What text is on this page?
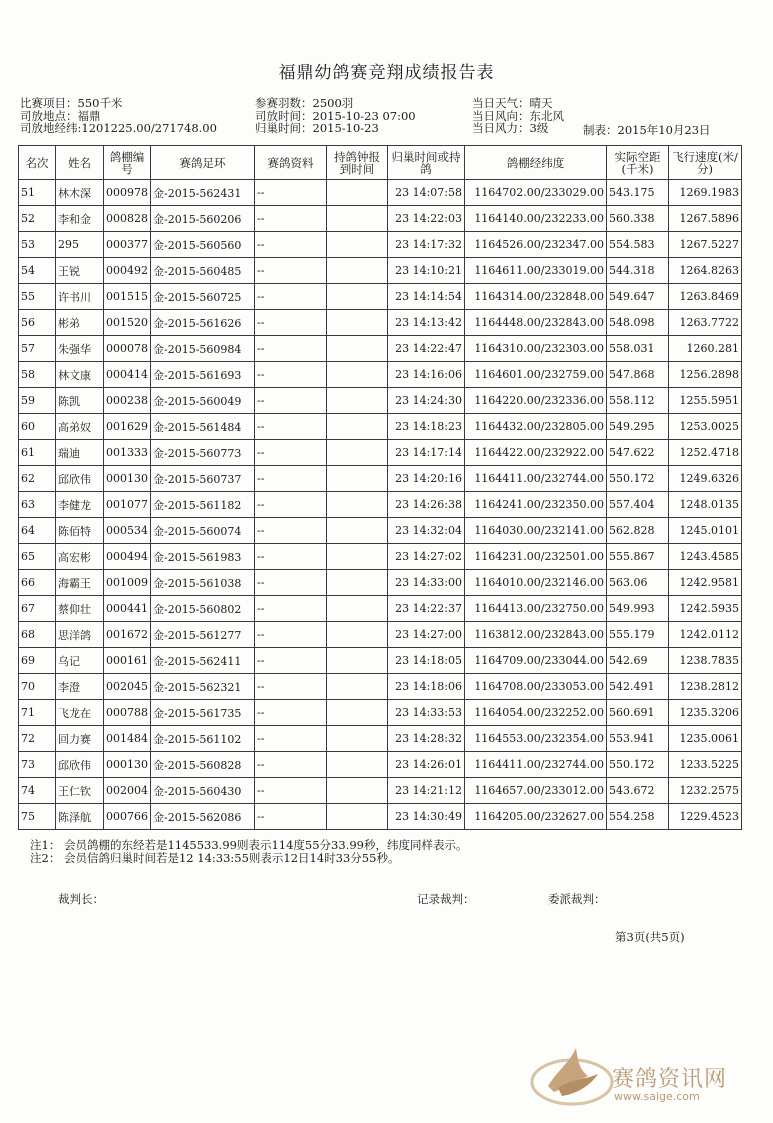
福鼎幼鸽赛竞翔成绩报告表
比赛项目：550千米
司放地点：福鼎
司放地经纬:1201225.00/271748.00
参赛羽数：2500羽
司放时间：2015-10-23 07:00
归巢时间：2015-10-23
当日天气：晴天
当日风向：东北风
当日风力：3级	制表：2015年10月23日
名次	姓名	鸽棚编号	赛鸽足环	赛鸽资料	持鸽钟报到时间	归巢时间或持鸽	鸽棚经纬度	实际空距(千米)	飞行速度(米/分)
51	林木深	000978	金-2015-562431	--		23 14:07:58	1164702.00/233029.00	543.175	1269.1983
52	李和金	000828	金-2015-560206	--		23 14:22:03	1164140.00/232233.00	560.338	1267.5896
53	295	000377	金-2015-560560	--		23 14:17:32	1164526.00/232347.00	554.583	1267.5227
54	王锐	000492	金-2015-560485	--		23 14:10:21	1164611.00/233019.00	544.318	1264.8263
55	许书川	001515	金-2015-560725	--		23 14:14:54	1164314.00/232848.00	549.647	1263.8469
56	彬弟	001520	金-2015-561626	--		23 14:13:42	1164448.00/232843.00	548.098	1263.7722
57	朱强华	000078	金-2015-560984	--		23 14:22:47	1164310.00/232303.00	558.031	1260.281
58	林文康	000414	金-2015-561693	--		23 14:16:06	1164601.00/232759.00	547.868	1256.2898
59	陈凯	000238	金-2015-560049	--		23 14:24:30	1164220.00/232336.00	558.112	1255.5951
60	高弟奴	001629	金-2015-561484	--		23 14:18:23	1164432.00/232805.00	549.295	1253.0025
61	瑞迪	001333	金-2015-560773	--		23 14:17:14	1164422.00/232922.00	547.622	1252.4718
62	邱欣伟	000130	金-2015-560737	--		23 14:20:16	1164411.00/232744.00	550.172	1249.6326
63	李健龙	001077	金-2015-561182	--		23 14:26:38	1164241.00/232350.00	557.404	1248.0135
64	陈佰特	000534	金-2015-560074	--		23 14:32:04	1164030.00/232141.00	562.828	1245.0101
65	高宏彬	000494	金-2015-561983	--		23 14:27:02	1164231.00/232501.00	555.867	1243.4585
66	海霸王	001009	金-2015-561038	--		23 14:33:00	1164010.00/232146.00	563.06	1242.9581
67	蔡仰壮	000441	金-2015-560802	--		23 14:22:37	1164413.00/232750.00	549.993	1242.5935
68	思洋鸽	001672	金-2015-561277	--		23 14:27:00	1163812.00/232843.00	555.179	1242.0112
69	乌记	000161	金-2015-562411	--		23 14:18:05	1164709.00/233044.00	542.69	1238.7835
70	李澄	002045	金-2015-562321	--		23 14:18:06	1164708.00/233053.00	542.491	1238.2812
71	飞龙在	000788	金-2015-561735	--		23 14:33:53	1164054.00/232252.00	560.691	1235.3206
72	回力赛	001484	金-2015-561102	--		23 14:28:32	1164553.00/232354.00	553.941	1235.0061
73	邱欣伟	000130	金-2015-560828	--		23 14:26:01	1164411.00/232744.00	550.172	1233.5225
74	王仁钦	002004	金-2015-560430	--		23 14:21:12	1164657.00/233012.00	543.672	1232.2575
75	陈泽航	000766	金-2015-562086	--		23 14:30:49	1164205.00/232627.00	554.258	1229.4523
注1： 会员鸽棚的东经若是1145533.99则表示114度55分33.99秒，纬度同样表示。
注2： 会员信鸽归巢时间若是12 14:33:55则表示12日14时33分55秒。
裁判长：	记录裁判：	委派裁判：
第3页(共5页)
赛鸽资讯网
www.saige.com
